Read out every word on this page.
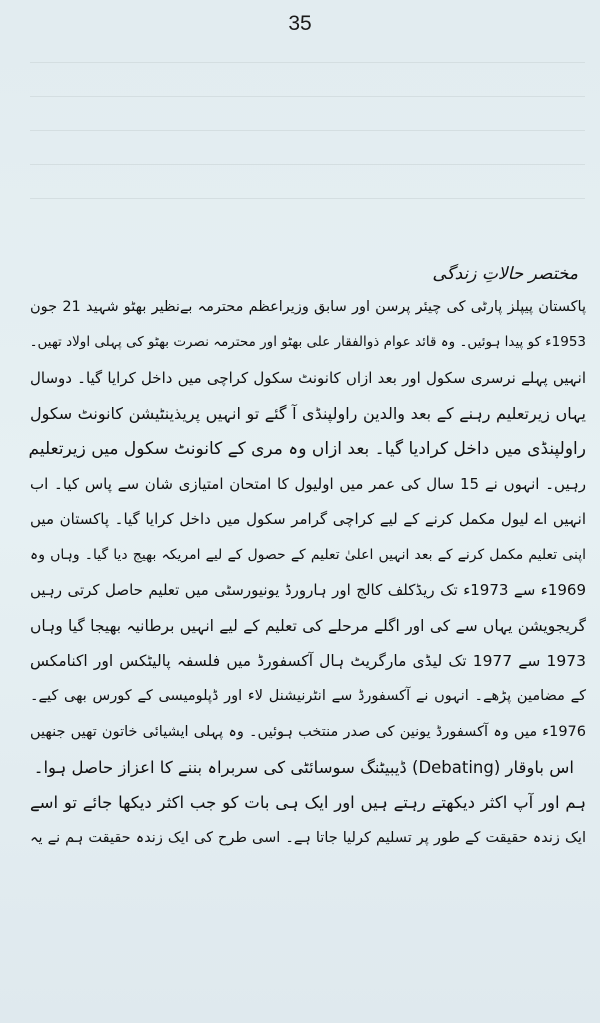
35
مختصر حالاتِ زندگی
پاکستان پیپلز پارٹی کی چیئر پرسن اور سابق وزیراعظم محترمہ بےنظیر بھٹو شہید 21 جون
1953ء کو پیدا ہوئیں۔ وہ قائد عوام ذوالفقار علی بھٹو اور محترمہ نصرت بھٹو کی پہلی اولاد تھیں۔
انہیں پہلے نرسری سکول اور بعد ازاں کانونٹ سکول کراچی میں داخل کرایا گیا۔ دوسال
یہاں زیرتعلیم رہنے کے بعد والدین راولپنڈی آ گئے تو انہیں پریذینٹیشن کانونٹ سکول
راولپنڈی میں داخل کرادیا گیا۔ بعد ازاں وہ مری کے کانونٹ سکول میں زیرتعلیم
رہیں۔ انہوں نے 15 سال کی عمر میں اولیول کا امتحان امتیازی شان سے پاس کیا۔ اب
انہیں اے لیول مکمل کرنے کے لیے کراچی گرامر سکول میں داخل کرایا گیا۔ پاکستان میں
اپنی تعلیم مکمل کرنے کے بعد انہیں اعلیٰ تعلیم کے حصول کے لیے امریکہ بھیج دیا گیا۔ وہاں وہ
1969ء سے 1973ء تک ریڈکلف کالج اور ہارورڈ یونیورسٹی میں تعلیم حاصل کرتی رہیں
گریجویشن یہاں سے کی اور اگلے مرحلے کی تعلیم کے لیے انہیں برطانیہ بھیجا گیا وہاں
1973 سے 1977 تک لیڈی مارگریٹ ہال آکسفورڈ میں فلسفہ پالیٹکس اور اکنامکس
کے مضامین پڑھے۔ انہوں نے آکسفورڈ سے انٹرنیشنل لاء اور ڈپلومیسی کے کورس بھی کیے۔
1976ء میں وہ آکسفورڈ یونین کی صدر منتخب ہوئیں۔ وہ پہلی ایشیائی خاتون تھیں جنھیں
اس باوقار (Debating) ڈیبیٹنگ سوسائٹی کی سربراہ بننے کا اعزاز حاصل ہوا۔
ہم اور آپ اکثر دیکھتے رہتے ہیں اور ایک ہی بات کو جب اکثر دیکھا جائے تو اسے
ایک زندہ حقیقت کے طور پر تسلیم کرلیا جاتا ہے۔ اسی طرح کی ایک زندہ حقیقت ہم نے یہ
